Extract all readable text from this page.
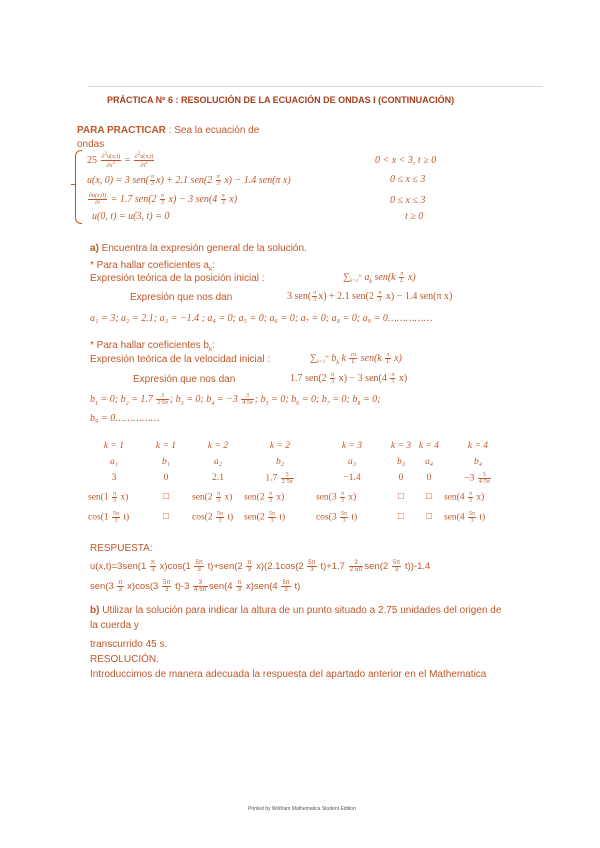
PRÁCTICA Nº 6 : RESOLUCIÓN DE LA ECUACIÓN DE ONDAS I (CONTINUACIÓN)
PARA PRACTICAR : Sea la ecuación de
ondas
$25 \frac{\partial^2u(x,t)}{\partial x^2} = \frac{\partial^2u(x,t)}{\partial t^2}$	0 < x < 3, t ≥ 0
u(x, 0) = 3 $sen( \frac{\pi}{3} x) + 2.1$ $sen(2 \frac{\pi}{3} x) - 1.4$ sen(π x)	0 ≤ x ≤ 3
$\frac{\partial u(x,0)}{\partial t} = 1.7$ $sen(2 \frac{\pi}{3} x) - 3$ $sen(4 \frac{\pi}{3} x)$	0 ≤ x ≤ 3
u(0, t) = u(3, t) = 0	t ≥ 0
a) Encuentra la expresión general de la solución.
* Para hallar coeficientes $a_k$:
Expresión teórica de la posición inicial :	$\sum_{k=1}^\infty$ $a_k$ $sen(k \frac{\pi}{L} x)$
Expresión que nos dan	3 $sen( \frac{\pi}{3} x) + 2.1$ $sen(2 \frac{\pi}{3} x) - 1.4$ sen(π x)
a₁ = 3; a₂ = 2.1; a₃ = −1.4 ; a₄ = 0; a₅ = 0; a₆ = 0; a₇ = 0; a₈ = 0; a₉ = 0……………
* Para hallar coeficientes $b_k$:
Expresión teórica de la velocidad inicial :	$\sum_{k=1}^\infty$ $b_k$ k $\frac{c\pi}{L} sen(k \frac{\pi}{L} x)$
Expresión que nos dan	1.7 $sen(2 \frac{\pi}{3} x) - 3$ $sen(4 \frac{\pi}{3} x)$
$b_1 = 0$; $b_2 = 1.7 \frac{3}{2\cdot 5\pi}$ ; $b_3 = 0$; $b_4 = -3 \frac{3}{4\cdot 5\pi}$ ; $b_5 = 0$; $b_6 = 0$; $b_7 = 0$; $b_8 = 0$;
b₉ = 0……………
k = 1	k = 1	k = 2	k = 2	k = 3	k = 3	k = 4	k = 4
a₁	b₁	a₂	b₂	a₃	b₃	a₄	b₄
3	0	2.1	$1.7 \frac{3}{2\cdot 5\pi}$	−1.4	0	0	$-3 \frac{3}{4\cdot 5\pi}$

$sen(1 \frac{\pi}{3} x)$	□	$sen(2 \frac{\pi}{3} x)$	$sen(2 \frac{\pi}{3} x)$	$sen(3 \frac{\pi}{3} x)$	□	□	$sen(4 \frac{\pi}{3} x)$
$\cos(1 \frac{5\pi}{3} t)$	□	$\cos(2 \frac{5\pi}{3} t)$	$sen(2 \frac{5\pi}{3} t)$	$\cos(3 \frac{5\pi}{3} t)$	□	□	$sen(4 \frac{5\pi}{3} t)$
RESPUESTA:
$u(x,t)=3sen(1 \frac{\pi}{3} x)\cos(1 \frac{5\pi}{3} t)+sen(2 \frac{\pi}{3} x)(2.1\cos(2 \frac{5\pi}{3} t)+1.7 \frac{3}{2\cdot 5\pi} sen(2 \frac{5\pi}{3} t))-1.4$
$sen(3 \frac{\pi}{3} x)\cos(3 \frac{5\pi}{3} t)-3 \frac{3}{4\cdot 5\pi} sen(4 \frac{\pi}{3} x)sen(4 \frac{5\pi}{3} t)$
b) Utilizar la solución para indicar la altura de un punto situado a 2.75 unidades del origen de
la cuerda y
transcurrido 45 s.
RESOLUCIÓN.
Introduccimos de manera adecuada la respuesta del apartado anterior en el Mathematica
Printed by Wolfram Mathematica Student Edition
